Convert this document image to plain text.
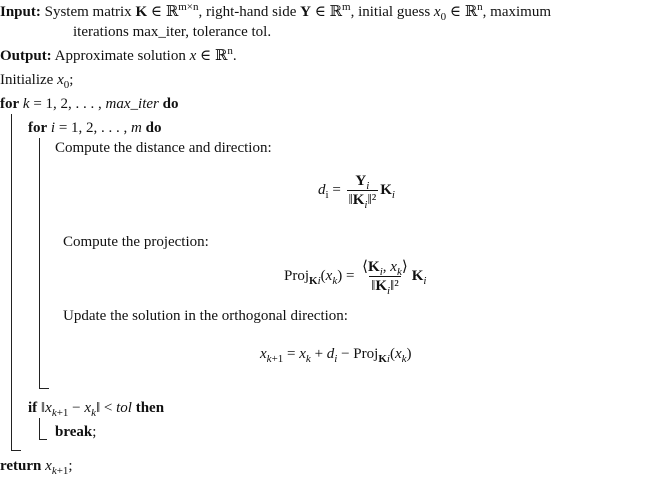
Input: System matrix K ∈ ℝ$^{m\times n}$, right-hand side Y ∈ ℝ$^m$, initial guess $x_0$ ∈ ℝ$^n$, maximum
iterations max_iter, tolerance tol.
Output: Approximate solution x ∈ ℝ$^n$.
Initialize $x_0$;
for k = 1, 2, . . . , max_iter do
for i = 1, 2, . . . , m do
Compute the distance and direction:
$d_i = \frac{Y_i}{‖K_i‖^2} K_i$
Compute the projection:
$Proj_{Ki}(x_k) = \frac{⟨K_i, x_k⟩}{‖K_i‖^2} K_i$
Update the solution in the orthogonal direction:
$x_{k+1} = x_k + d_i$ − $Proj_{Ki}(x_k)$
if $‖x_{k+1}$ − $x_k‖$ < tol then
break;
return $x_{k+1}$;
